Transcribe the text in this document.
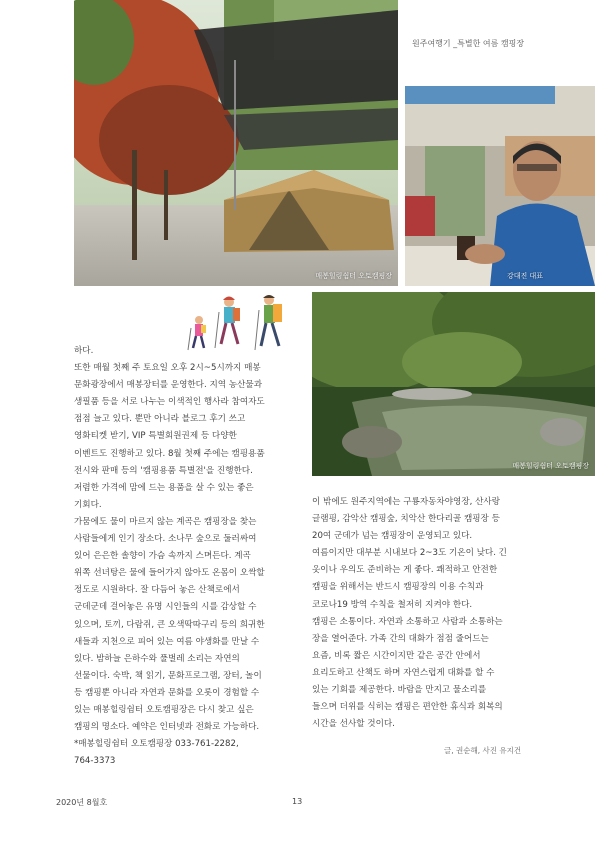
원주여행기 _특별한 여름 캠핑장
매봉힐링쉼터 오토캠핑장	강대진 대표
매봉힐링쉼터 오토캠핑장
하다.
또한 매월 첫째 주 토요일 오후 2시~5시까지 매봉
문화광장에서 매봉장터를 운영한다. 지역 농산물과
생필품 등을 서로 나누는 이색적인 행사라 참여자도
점점 늘고 있다. 뿐만 아니라 블로그 후기 쓰고
영화티켓 받기, VIP 특별회원권제 등 다양한
이벤트도 진행하고 있다. 8월 첫째 주에는 캠핑용품
전시와 판매 등의 '캠핑용품 특별전'을 진행한다.
저렴한 가격에 맘에 드는 용품을 살 수 있는 좋은
기회다.
가뭄에도 물이 마르지 않는 계곡은 캠핑장을 찾는
사람들에게 인기 장소다. 소나무 숲으로 둘러싸여
있어 은은한 솔향이 가슴 속까지 스며든다. 계곡
위쪽 선녀탕은 물에 들어가지 않아도 온몸이 오싹할
정도로 시원하다. 잘 다듬어 놓은 산책로에서
군데군데 걸어놓은 유명 시인들의 시를 감상할 수
있으며, 토끼, 다람쥐, 큰 오색딱따구리 등의 희귀한
새들과 지천으로 피어 있는 여름 야생화를 만날 수
있다. 밤하늘 은하수와 풀벌레 소리는 자연의
선물이다. 숙박, 책 읽기, 문화프로그램, 장터, 놀이
등 캠핑뿐 아니라 자연과 문화를 오롯이 경험할 수
있는 매봉힐링쉼터 오토캠핑장은 다시 찾고 싶은
캠핑의 명소다. 예약은 인터넷과 전화로 가능하다.
*매봉힐링쉼터 오토캠핑장 033-761-2282,
764-3373
이 밖에도 원주지역에는 구룡자동차야영장, 산사랑
글램핑, 감악산 캠핑숲, 치악산 한다리골 캠핑장 등
20여 군데가 넘는 캠핑장이 운영되고 있다.
여름이지만 대부분 시내보다 2~3도 기온이 낮다. 긴
옷이나 우의도 준비하는 게 좋다. 쾌적하고 안전한
캠핑을 위해서는 반드시 캠핑장의 이용 수칙과
코로나19 방역 수칙을 철저히 지켜야 한다.
캠핑은 소통이다. 자연과 소통하고 사람과 소통하는
장을 열어준다. 가족 간의 대화가 점점 줄어드는
요즘, 비록 짧은 시간이지만 같은 공간 안에서
요리도하고 산책도 하며 자연스럽게 대화를 할 수
있는 기회를 제공한다. 바람을 만지고 물소리를
들으며 더위를 식히는 캠핑은 편안한 휴식과 회복의
시간을 선사할 것이다.
글, 권순해, 사진 유지건
2020년 8월호	13
